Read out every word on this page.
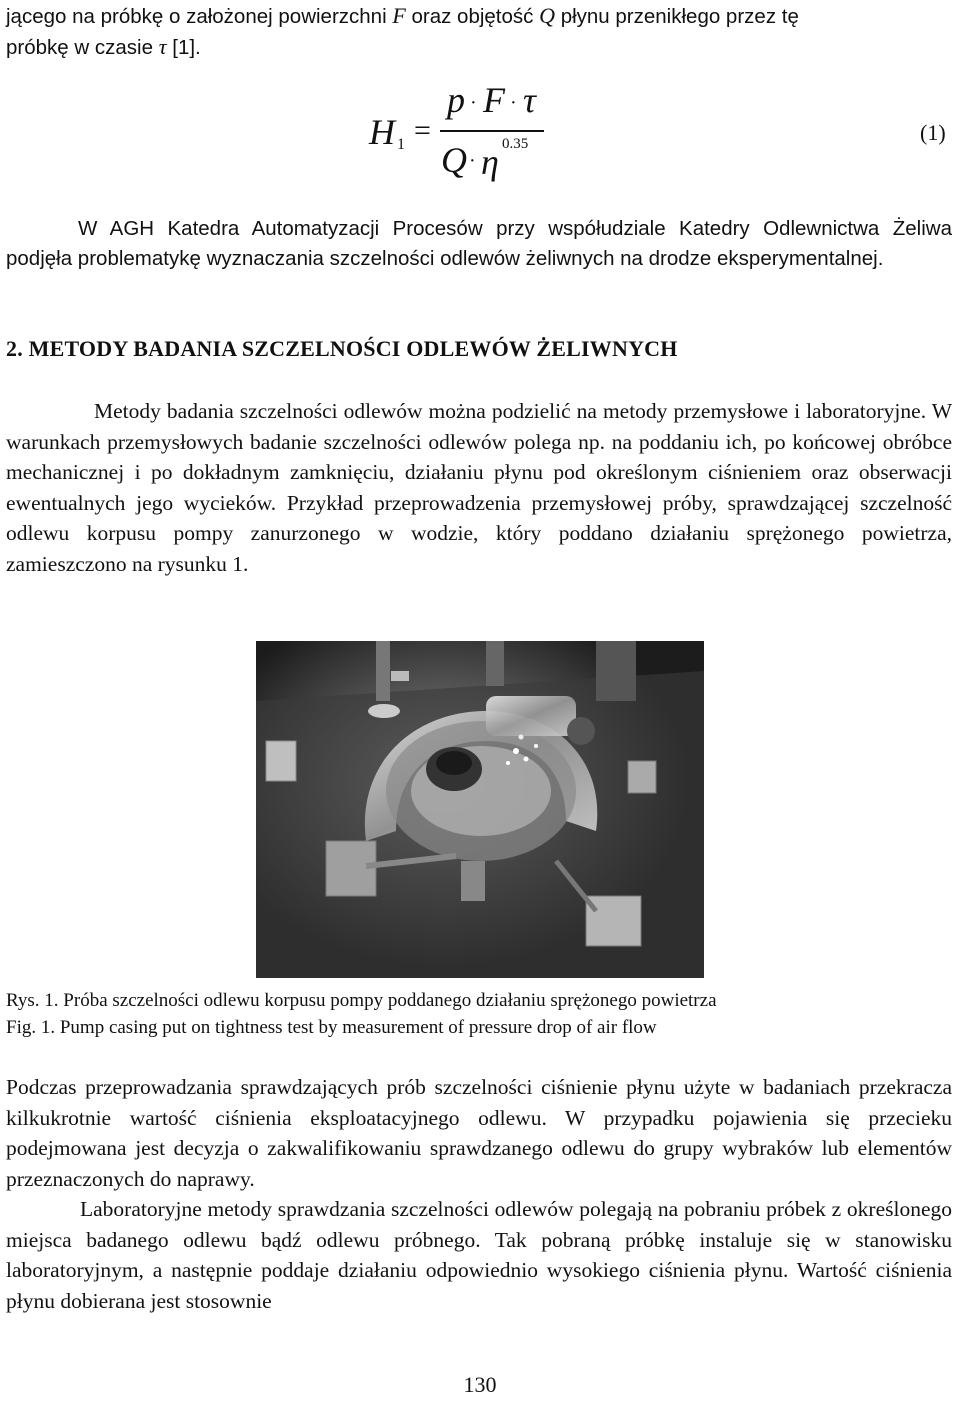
jącego na próbkę o założonej powierzchni F oraz objętość Q płynu przenikłego przez tę
próbkę w czasie τ [1].
H 1 =
p · F · τ
Q · η 0.35	(1)
W AGH Katedra Automatyzacji Procesów przy współudziale Katedry Odlewnictwa Żeliwa podjęła problematykę wyznaczania szczelności odlewów żeliwnych na drodze eksperymentalnej.
2. METODY BADANIA SZCZELNOŚCI ODLEWÓW ŻELIWNYCH
Metody badania szczelności odlewów można podzielić na metody przemysłowe i laboratoryjne. W warunkach przemysłowych badanie szczelności odlewów polega np. na poddaniu ich, po końcowej obróbce mechanicznej i po dokładnym zamknięciu, działaniu płynu pod określonym ciśnieniem oraz obserwacji ewentualnych jego wycieków. Przykład przeprowadzenia przemysłowej próby, sprawdzającej szczelność odlewu korpusu pompy zanurzonego w wodzie, który poddano działaniu sprężonego powietrza, zamieszczono na rysunku 1.
Rys. 1. Próba szczelności odlewu korpusu pompy poddanego działaniu sprężonego powietrza
Fig. 1. Pump casing put on tightness test by measurement of pressure drop of air flow
Podczas przeprowadzania sprawdzających prób szczelności ciśnienie płynu użyte w badaniach przekracza kilkukrotnie wartość ciśnienia eksploatacyjnego odlewu. W przypadku pojawienia się przecieku podejmowana jest decyzja o zakwalifikowaniu sprawdzanego odlewu do grupy wybraków lub elementów przeznaczonych do naprawy.
Laboratoryjne metody sprawdzania szczelności odlewów polegają na pobraniu próbek z określonego miejsca badanego odlewu bądź odlewu próbnego. Tak pobraną próbkę instaluje się w stanowisku laboratoryjnym, a następnie poddaje działaniu odpowiednio wysokiego ciśnienia płynu. Wartość ciśnienia płynu dobierana jest stosownie
130
